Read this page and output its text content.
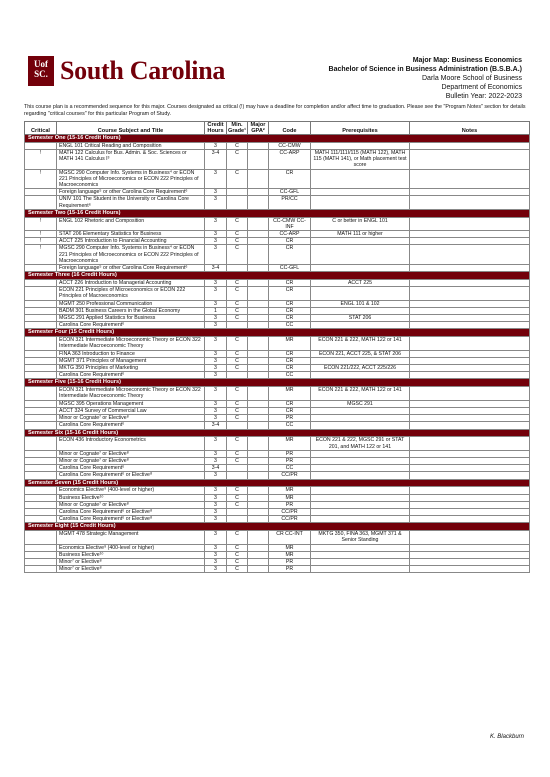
Uof
SC. South Carolina	Major Map: Business Economics
Bachelor of Science in Business Administration (B.S.B.A.)
Darla Moore School of Business
Department of Economics
Bulletin Year: 2022-2023
This course plan is a recommended sequence for this major. Courses designated as critical (!) may have a deadline for completion and/or affect time to graduation. Please see the "Program Notes" section for details regarding "critical courses" for this particular Program of Study.
Critical	Course Subject and Title	Credit Hours	Min. Grade¹	Major GPA²	Code	Prerequisites	Notes
Semester One (15-16 Credit Hours)							
	ENGL 101 Critical Reading and Composition	3	C		CC-CMW		
!	MATH 122 Calculus for Bus. Admin. & Soc. Sciences or MATH 141 Calculus I³	3-4	C		CC-ARP	MATH 111/111I/115 (MATH 122), MATH 115 (MATH 141), or Math placement test score	
!	MGSC 290 Computer Info. Systems in Business⁴ or ECON 221 Principles of Microeconomics or ECON 222 Principles of Macroeconomics	3	C		CR		
	Foreign language⁵ or other Carolina Core Requirement⁶	3			CC-GFL		
	UNIV 101 The Student in the University or Carolina Core Requirement⁶	3			PR/CC		
Semester Two (15-16 Credit Hours)							
!	ENGL 102 Rhetoric and Composition	3	C		CC-CMW CC-INF	C or better in ENGL 101	
!	STAT 206 Elementary Statistics for Business	3	C		CC-ARP	MATH 111 or higher	
!	ACCT 225 Introduction to Financial Accounting	3	C		CR		
!	MGSC 290 Computer Info. Systems in Business⁴ or ECON 221 Principles of Microeconomics or ECON 222 Principles of Macroeconomics	3	C		CR		
	Foreign language⁵ or other Carolina Core Requirement⁶	3-4			CC-GFL		
Semester Three (16 Credit Hours)							
	ACCT 226 Introduction to Managerial Accounting	3	C		CR	ACCT 225	
	ECON 221 Principles of Microeconomics or ECON 222 Principles of Macroeconomics	3	C		CR		
	MGMT 250 Professional Communication	3	C		CR	ENGL 101 & 102	
	BADM 301 Business Careers in the Global Economy	1	C		CR		
	MGSC 291 Applied Statistics for Business	3	C		CR	STAT 206	
	Carolina Core Requirement⁶	3			CC		
Semester Four (15 Credit Hours)							
	ECON 321 Intermediate Microeconomic Theory or ECON 322 Intermediate Macroeconomic Theory	3	C		MR	ECON 221 & 222, MATH 122 or 141	
	FINA 363 Introduction to Finance	3	C		CR	ECON 221, ACCT 225, & STAT 206	
	MGMT 371 Principles of Management	3	C		CR		
	MKTG 350 Principles of Marketing	3	C		CR	ECON 221/222, ACCT 225/226	
	Carolina Core Requirement⁶	3			CC		
Semester Five (15-16 Credit Hours)							
	ECON 321 Intermediate Microeconomic Theory or ECON 322 Intermediate Macroeconomic Theory	3	C		MR	ECON 221 & 222, MATH 122 or 141	
	MGSC 395 Operations Management	3	C		CR	MGSC 291	
	ACCT 324 Survey of Commercial Law	3	C		CR		
	Minor or Cognate⁷ or Elective⁸	3	C		PR		
	Carolina Core Requirement⁶	3-4			CC		
Semester Six (15-16 Credit Hours)							
	ECON 436 Introductory Econometrics	3	C		MR	ECON 221 & 222, MGSC 291 or STAT 201, and MATH 122 or 141	
	Minor or Cognate⁷ or Elective⁸	3	C		PR		
	Minor or Cognate⁷ or Elective⁸	3	C		PR		
	Carolina Core Requirement⁶	3-4			CC		
	Carolina Core Requirement⁶ or Elective⁸	3			CC/PR		
Semester Seven (15 Credit Hours)							
	Economics Elective⁹ (400-level or higher)	3	C		MR		
	Business Elective¹⁰	3	C		MR		
	Minor or Cognate⁷ or Elective⁸	3	C		PR		
	Carolina Core Requirement⁶ or Elective⁸	3			CC/PR		
	Carolina Core Requirement⁶ or Elective⁸	3			CC/PR		
Semester Eight (15 Credit Hours)							
	MGMT 478 Strategic Management	3	C		CR CC-INT	MKTG 350, FINA 363, MGMT 371 & Senior Standing	
	Economics Elective⁹ (400-level or higher)	3	C		MR		
	Business Elective¹⁰	3	C		MR		
	Minor⁷ or Elective⁸	3	C		PR		
	Minor⁷ or Elective⁸	3	C		PR		
K. Blackburn
